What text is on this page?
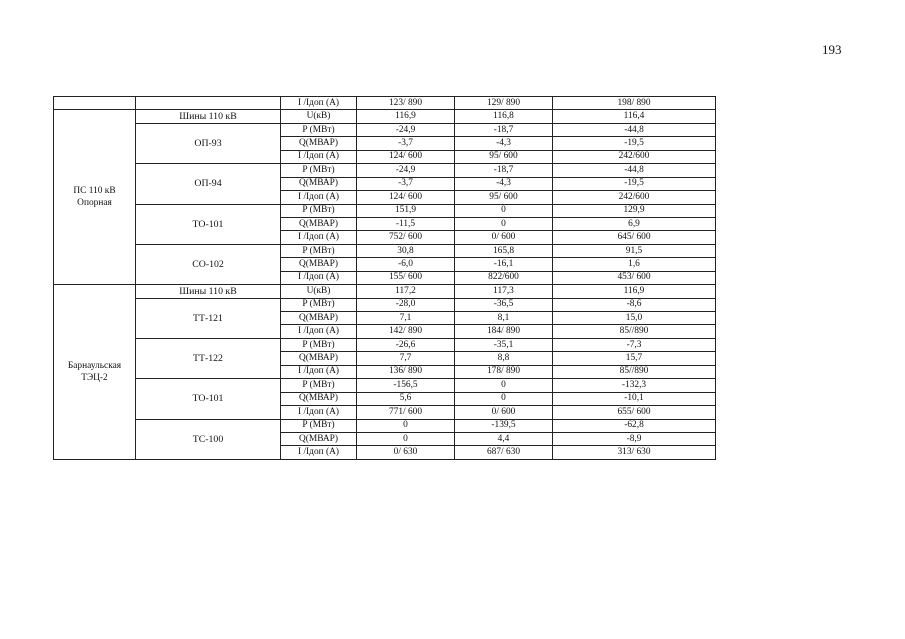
193
		I /Iдоп (A)	123/ 890	129/ 890	198/ 890
ПС 110 кВ Опорная	Шины 110 кВ	U(кВ)	116,9	116,8	116,4
	ОП-93	P (МВт)	-24,9	-18,7	-44,8
		Q(МВАР)	-3,7	-4,3	-19,5
		I /Iдоп (A)	124/ 600	95/ 600	242/600
	ОП-94	P (МВт)	-24,9	-18,7	-44,8
		Q(МВАР)	-3,7	-4,3	-19,5
		I /Iдоп (A)	124/ 600	95/ 600	242/600
	ТО-101	P (МВт)	151,9	0	129,9
		Q(МВАР)	-11,5	0	6,9
		I /Iдоп (A)	752/ 600	0/ 600	645/ 600
	СО-102	P (МВт)	30,8	165,8	91,5
		Q(МВАР)	-6,0	-16,1	1,6
		I /Iдоп (A)	155/ 600	822/600	453/ 600
Барнаульская ТЭЦ-2	Шины 110 кВ	U(кВ)	117,2	117,3	116,9
	ТТ-121	P (МВт)	-28,0	-36,5	-8,6
		Q(МВАР)	7,1	8,1	15,0
		I /Iдоп (A)	142/ 890	184/ 890	85//890
	ТТ-122	P (МВт)	-26,6	-35,1	-7,3
		Q(МВАР)	7,7	8,8	15,7
		I /Iдоп (A)	136/ 890	178/ 890	85//890
	ТО-101	P (МВт)	-156,5	0	-132,3
		Q(МВАР)	5,6	0	-10,1
		I /Iдоп (A)	771/ 600	0/ 600	655/ 600
	ТС-100	P (МВт)	0	-139,5	-62,8
		Q(МВАР)	0	4,4	-8,9
		I /Iдоп (A)	0/ 630	687/ 630	313/ 630
